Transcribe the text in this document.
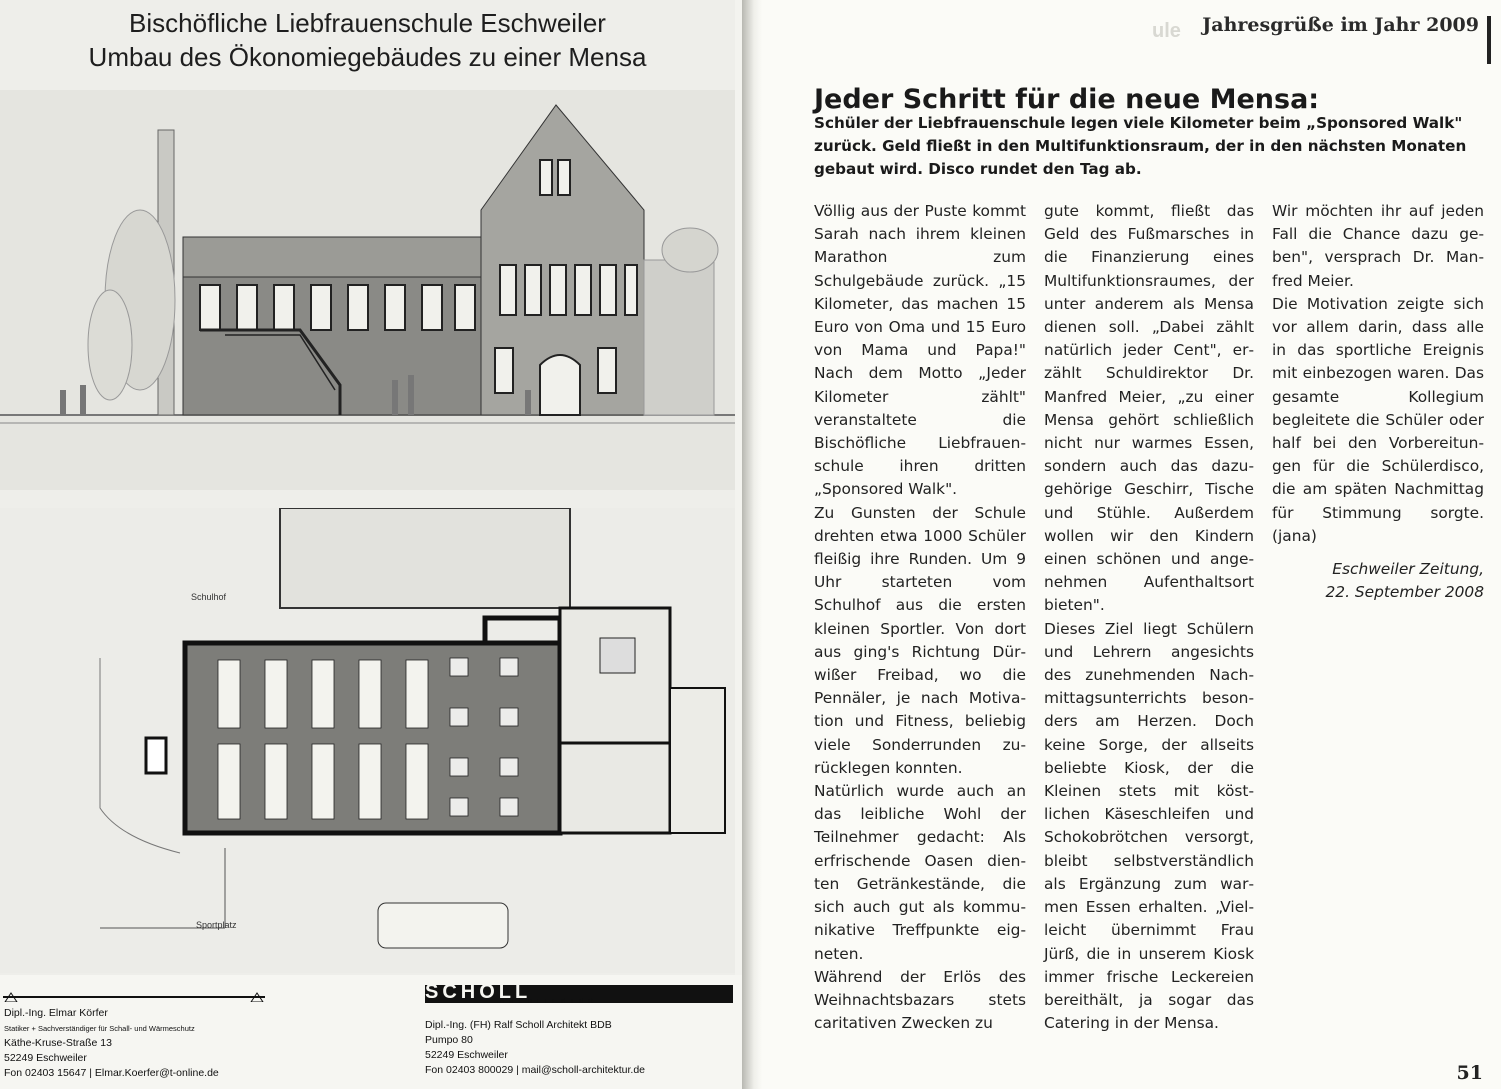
Bischöfliche Liebfrauenschule Eschweiler
Umbau des Ökonomiegebäudes zu einer Mensa
Schulhof
Sportplatz
Dipl.-Ing. Elmar Körfer
Statiker + Sachverständiger für Schall- und Wärmeschutz
Käthe-Kruse-Straße 13
52249 Eschweiler
Fon 02403 15647 | Elmar.Koerfer@t-online.de
SCHOLL
ARCHITEKTUR
Dipl.-Ing. (FH) Ralf Scholl Architekt BDB
Pumpo 80
52249 Eschweiler
Fon 02403 800029 | mail@scholl-architektur.de
ule Jahresgrüße im Jahr 2009
Jeder Schritt für die neue Mensa:
Schüler der Liebfrauenschule legen viele Kilometer beim „Sponsored Walk" zurück. Geld fließt in den Multifunktionsraum, der in den nächsten Monaten gebaut wird. Disco rundet den Tag ab.

Völlig aus der Puste kommt Sarah nach ihrem kleinen Marathon zum Schulgebäude zurück. „15 Kilometer, das machen 15 Euro von Oma und 15 Euro von Mama und Papa!" Nach dem Motto „Jeder Kilometer zählt" veranstaltete die Bischöfliche Liebfrauenschule ihren dritten „Sponsored Walk".

Zu Gunsten der Schule drehten etwa 1000 Schüler fleißig ihre Runden. Um 9 Uhr starteten vom Schulhof aus die ersten kleinen Sportler. Von dort aus ging's Richtung Dürwißer Freibad, wo die Pennäler, je nach Motivation und Fitness, beliebig viele Sonderrunden zurücklegen konnten.

Natürlich wurde auch an das leibliche Wohl der Teilnehmer gedacht: Als erfrischende Oasen dienten Getränkestände, die sich auch gut als kommunikative Treffpunkte eigneten.

Während der Erlös des Weihnachtsbazars stets caritativen Zwecken zu

gute kommt, fließt das Geld des Fußmarsches in die Finanzierung eines Multifunktionsraumes, der unter anderem als Mensa dienen soll. „Dabei zählt natürlich jeder Cent", erzählt Schuldirektor Dr. Manfred Meier, „zu einer Mensa gehört schließlich nicht nur warmes Essen, sondern auch das dazugehörige Geschirr, Tische und Stühle. Außerdem wollen wir den Kindern einen schönen und angenehmen Aufenthaltsort bieten".

Dieses Ziel liegt Schülern und Lehrern angesichts des zunehmenden Nachmittagsunterrichts besonders am Herzen. Doch keine Sorge, der allseits beliebte Kiosk, der die Kleinen stets mit köstlichen Käseschleifen und Schokobrötchen versorgt, bleibt selbstverständlich als Ergänzung zum warmen Essen erhalten. „Vielleicht übernimmt Frau Jürß, die in unserem Kiosk immer frische Leckereien bereithält, ja sogar das Catering in der Mensa.

Wir möchten ihr auf jeden Fall die Chance dazu geben", versprach Dr. Manfred Meier.

Die Motivation zeigte sich vor allem darin, dass alle in das sportliche Ereignis mit einbezogen waren. Das gesamte Kollegium begleitete die Schüler oder half bei den Vorbereitungen für die Schülerdisco, die am späten Nachmittag für Stimmung sorgte. (jana)

Eschweiler Zeitung,
22. September 2008
51
